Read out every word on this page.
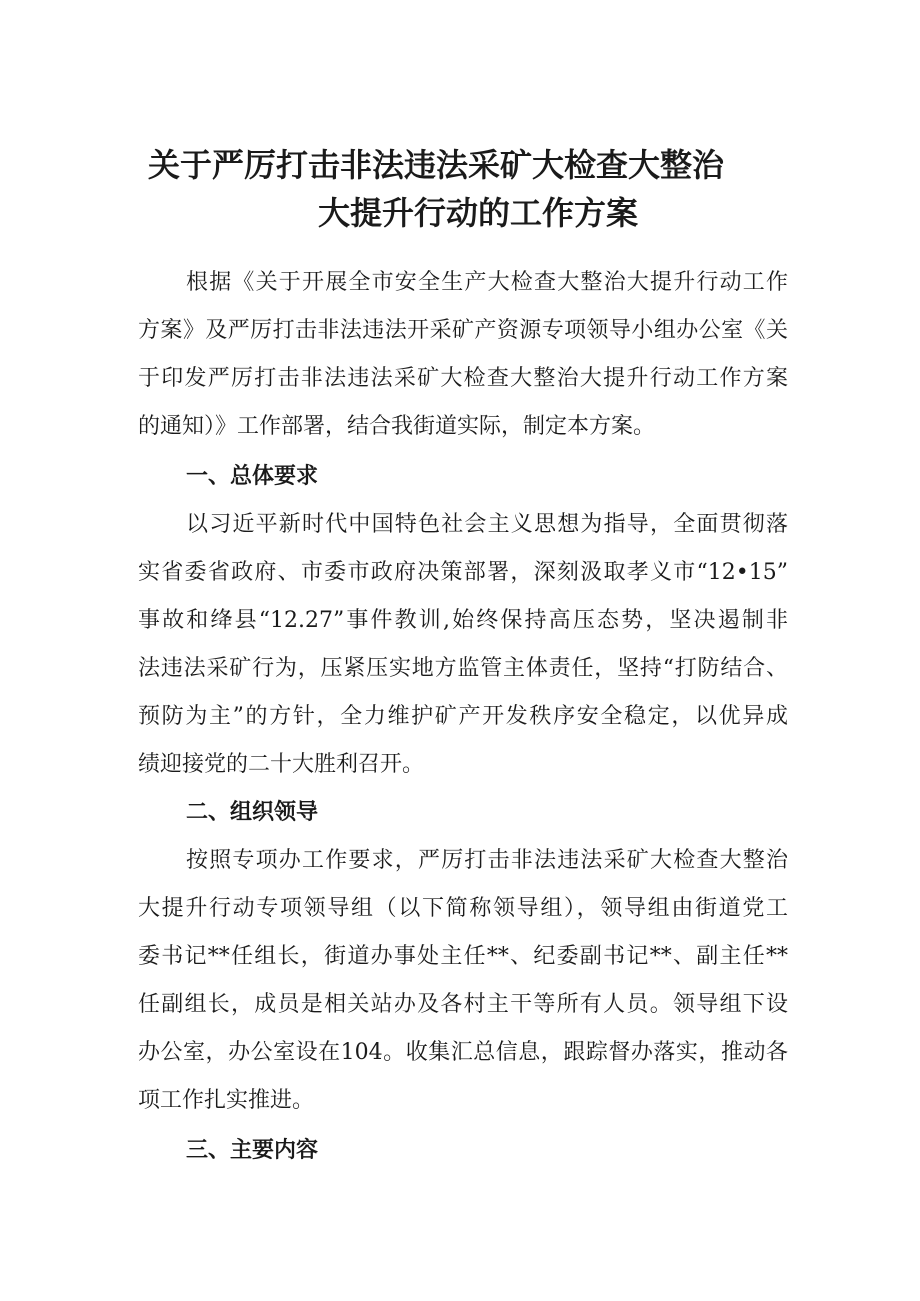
关于严厉打击非法违法采矿大检查大整治
大提升行动的工作方案
根据《关于开展全市安全生产大检查大整治大提升行动工作
方案》及严厉打击非法违法开采矿产资源专项领导小组办公室《关
于印发严厉打击非法违法采矿大检查大整治大提升行动工作方案
的通知）》工作部署，结合我街道实际，制定本方案。
一、总体要求
以习近平新时代中国特色社会主义思想为指导，全面贯彻落
实省委省政府、市委市政府决策部署，深刻汲取孝义市“12•15”
事故和绛县“12.27”事件教训,始终保持高压态势，坚决遏制非
法违法采矿行为，压紧压实地方监管主体责任，坚持“打防结合、
预防为主”的方针，全力维护矿产开发秩序安全稳定，以优异成
绩迎接党的二十大胜利召开。
二、组织领导
按照专项办工作要求，严厉打击非法违法采矿大检查大整治
大提升行动专项领导组（以下简称领导组），领导组由街道党工
委书记**任组长，街道办事处主任**、纪委副书记**、副主任**
任副组长，成员是相关站办及各村主干等所有人员。领导组下设
办公室，办公室设在104。收集汇总信息，跟踪督办落实，推动各
项工作扎实推进。
三、主要内容
